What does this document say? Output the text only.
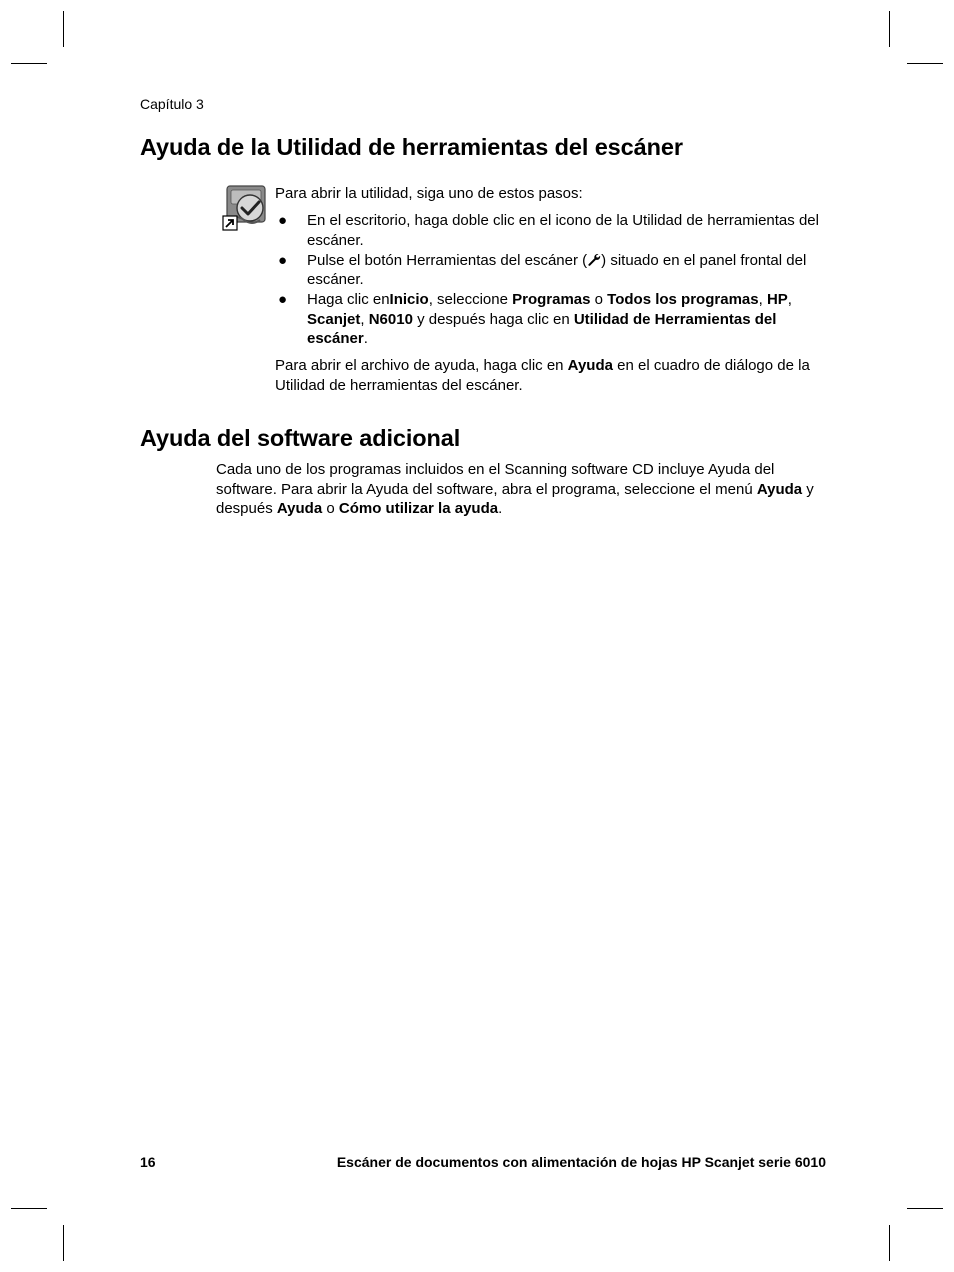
Capítulo 3
Ayuda de la Utilidad de herramientas del escáner
Para abrir la utilidad, siga uno de estos pasos:
● En el escritorio, haga doble clic en el icono de la Utilidad de herramientas del escáner.
● Pulse el botón Herramientas del escáner ( ) situado en el panel frontal del escáner.
● Haga clic enInicio, seleccione Programas o Todos los programas, HP, Scanjet, N6010 y después haga clic en Utilidad de Herramientas del escáner.
Para abrir el archivo de ayuda, haga clic en Ayuda en el cuadro de diálogo de la Utilidad de herramientas del escáner.
Ayuda del software adicional
Cada uno de los programas incluidos en el Scanning software CD incluye Ayuda del software. Para abrir la Ayuda del software, abra el programa, seleccione el menú Ayuda y después Ayuda o Cómo utilizar la ayuda.
16	Escáner de documentos con alimentación de hojas HP Scanjet serie 6010
